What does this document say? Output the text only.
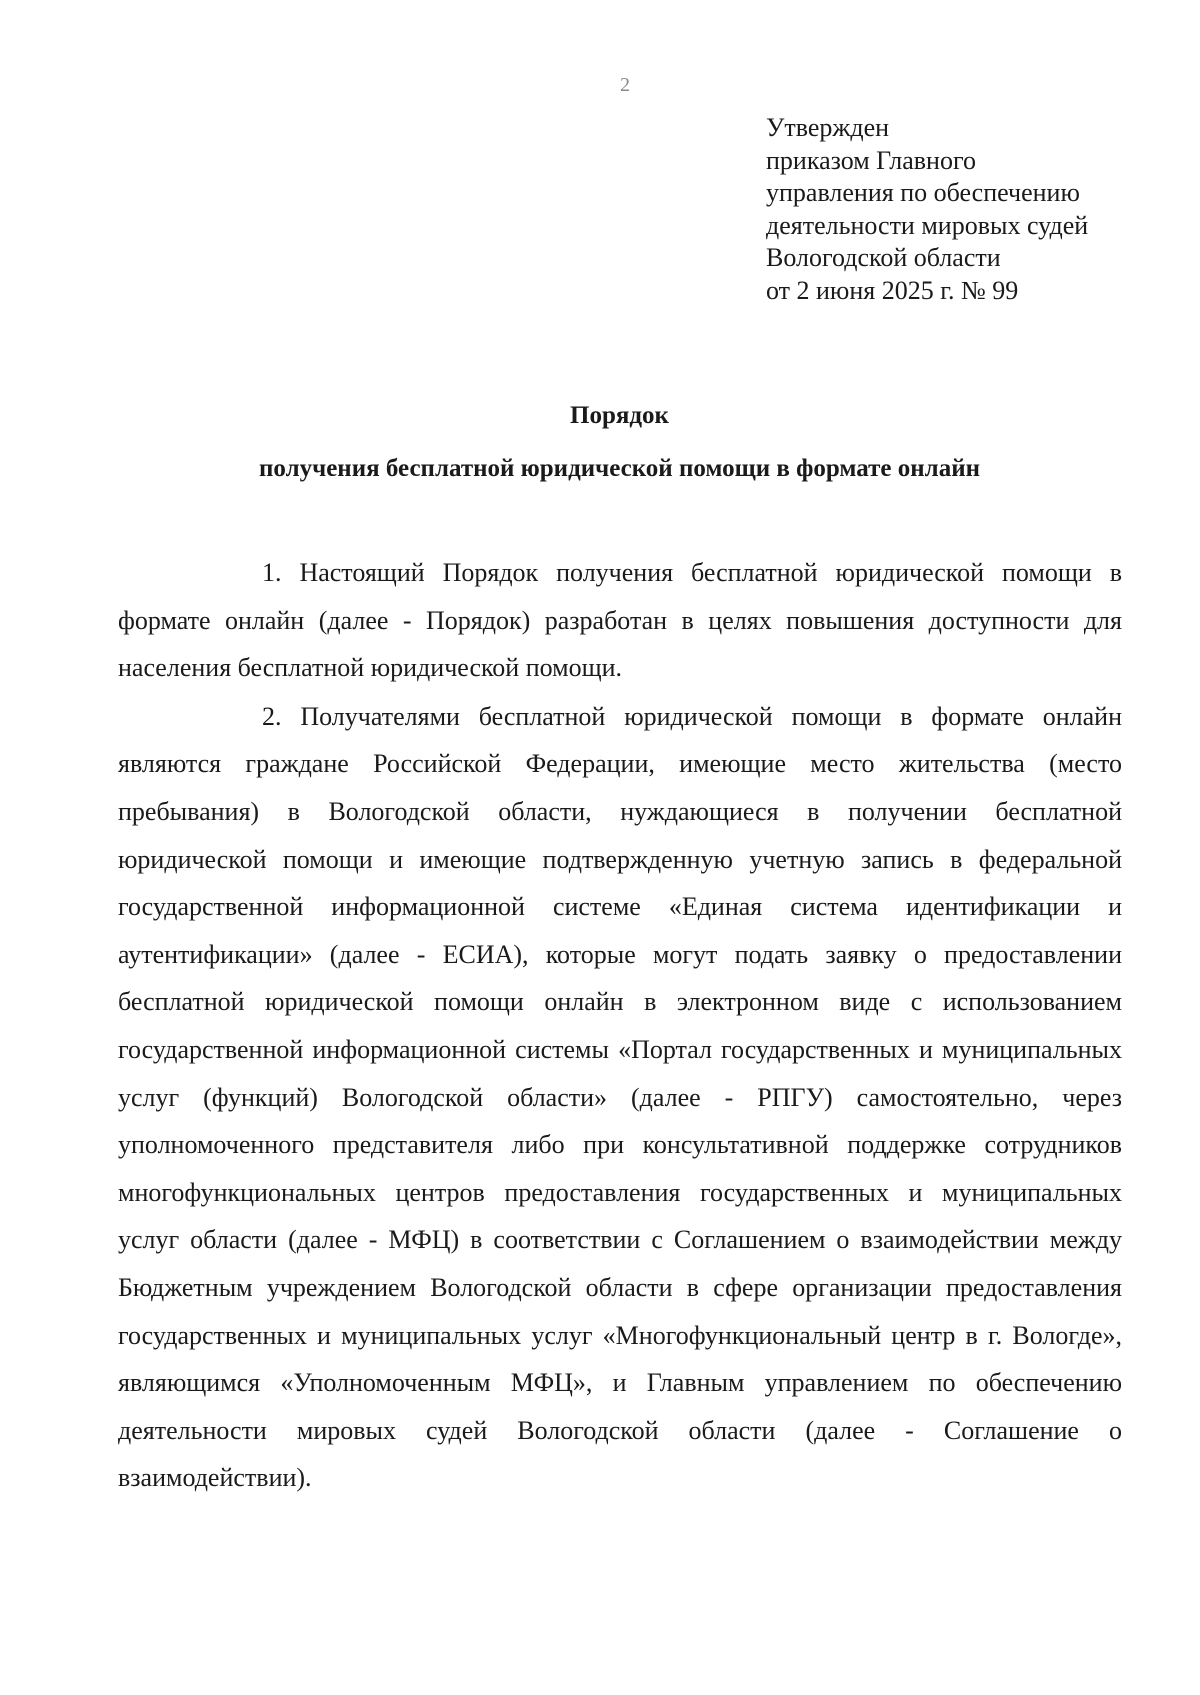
2
Утвержден
приказом Главного
управления по обеспечению
деятельности мировых судей
Вологодской области
от 2 июня 2025 г. № 99
Порядок
получения бесплатной юридической помощи в формате онлайн

1. Настоящий Порядок получения бесплатной юридической помощи в формате онлайн (далее - Порядок) разработан в целях повышения доступности для населения бесплатной юридической помощи.

2. Получателями бесплатной юридической помощи в формате онлайн являются граждане Российской Федерации, имеющие место жительства (место пребывания) в Вологодской области, нуждающиеся в получении бесплатной юридической помощи и имеющие подтвержденную учетную запись в федеральной государственной информационной системе «Единая система идентификации и аутентификации» (далее - ЕСИА), которые могут подать заявку о предоставлении бесплатной юридической помощи онлайн в электронном виде с использованием государственной информационной системы «Портал государственных и муниципальных услуг (функций) Вологодской области» (далее - РПГУ) самостоятельно, через уполномоченного представителя либо при консультативной поддержке сотрудников многофункциональных центров предоставления государственных и муниципальных услуг области (далее - МФЦ) в соответствии с Соглашением о взаимодействии между Бюджетным учреждением Вологодской области в сфере организации предоставления государственных и муниципальных услуг «Многофункциональный центр в г. Вологде», являющимся «Уполномоченным МФЦ», и Главным управлением по обеспечению деятельности мировых судей Вологодской области (далее - Соглашение о взаимодействии).
